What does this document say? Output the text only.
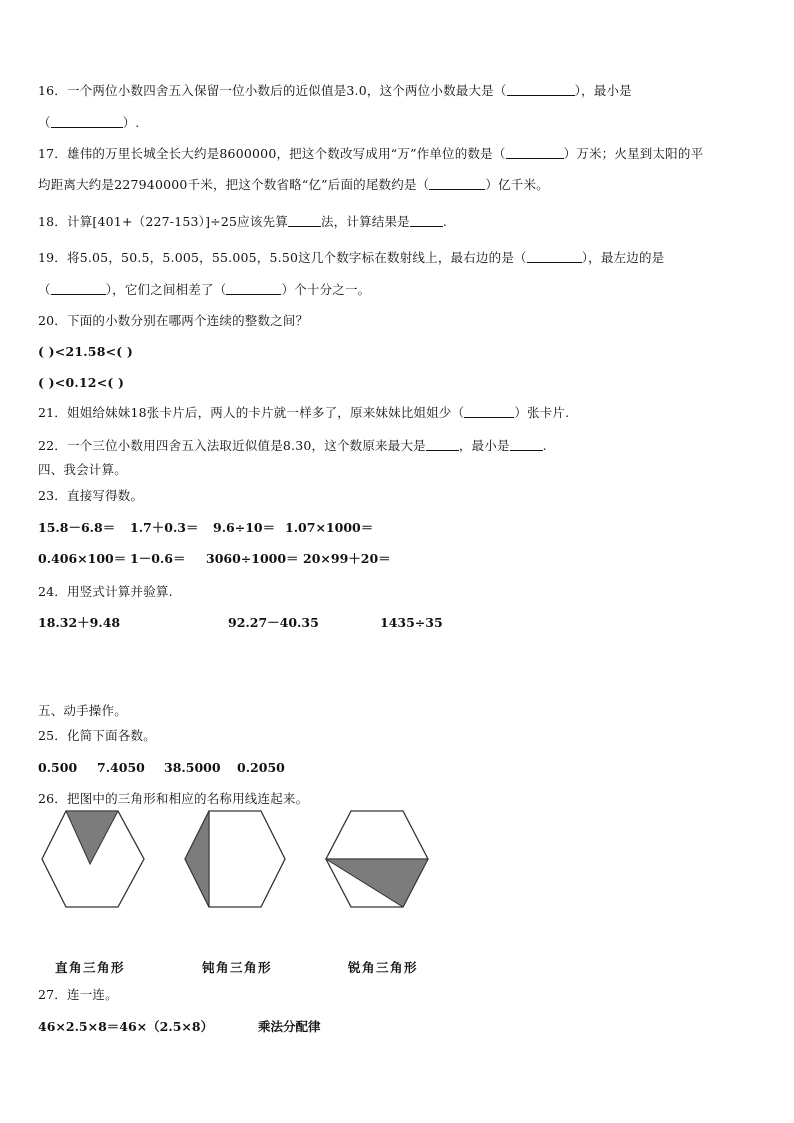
16．一个两位小数四舍五入保留一位小数后的近似值是3.0，这个两位小数最大是（	），最小是
（	）.
17．雄伟的万里长城全长大约是8600000，把这个数改写成用“万”作单位的数是（	）万米；火星到太阳的平
均距离大约是227940000千米，把这个数省略“亿”后面的尾数约是（	）亿千米。
18．计算[401+（227-153）]÷25应该先算	法，计算结果是	.
19．将5.05，50.5，5.005，55.005，5.50这几个数字标在数射线上，最右边的是（	），最左边的是
（	），它们之间相差了（	）个十分之一。
20．下面的小数分别在哪两个连续的整数之间？
( )<21.58<( )
( )<0.12<( )
21．姐姐给妹妹18张卡片后，两人的卡片就一样多了，原来妹妹比姐姐少（	）张卡片.
22．一个三位小数用四舍五入法取近似值是8.30，这个数原来最大是	，最小是	.
四、我会计算。
23．直接写得数。
15.8－6.8＝ 1.7＋0.3＝ 9.6÷10＝ 1.07×1000＝
0.406×100＝ 1－0.6＝ 3060÷1000＝ 20×99＋20＝
24．用竖式计算并验算.
18.32＋9.48	92.27－40.35	1435÷35
五、动手操作。
25．化简下面各数。
0.500 7.4050 38.5000 0.2050
26．把图中的三角形和相应的名称用线连起来。
直角三角形	钝角三角形	锐角三角形
27．连一连。
46×2.5×8＝46×（2.5×8）	乘法分配律
